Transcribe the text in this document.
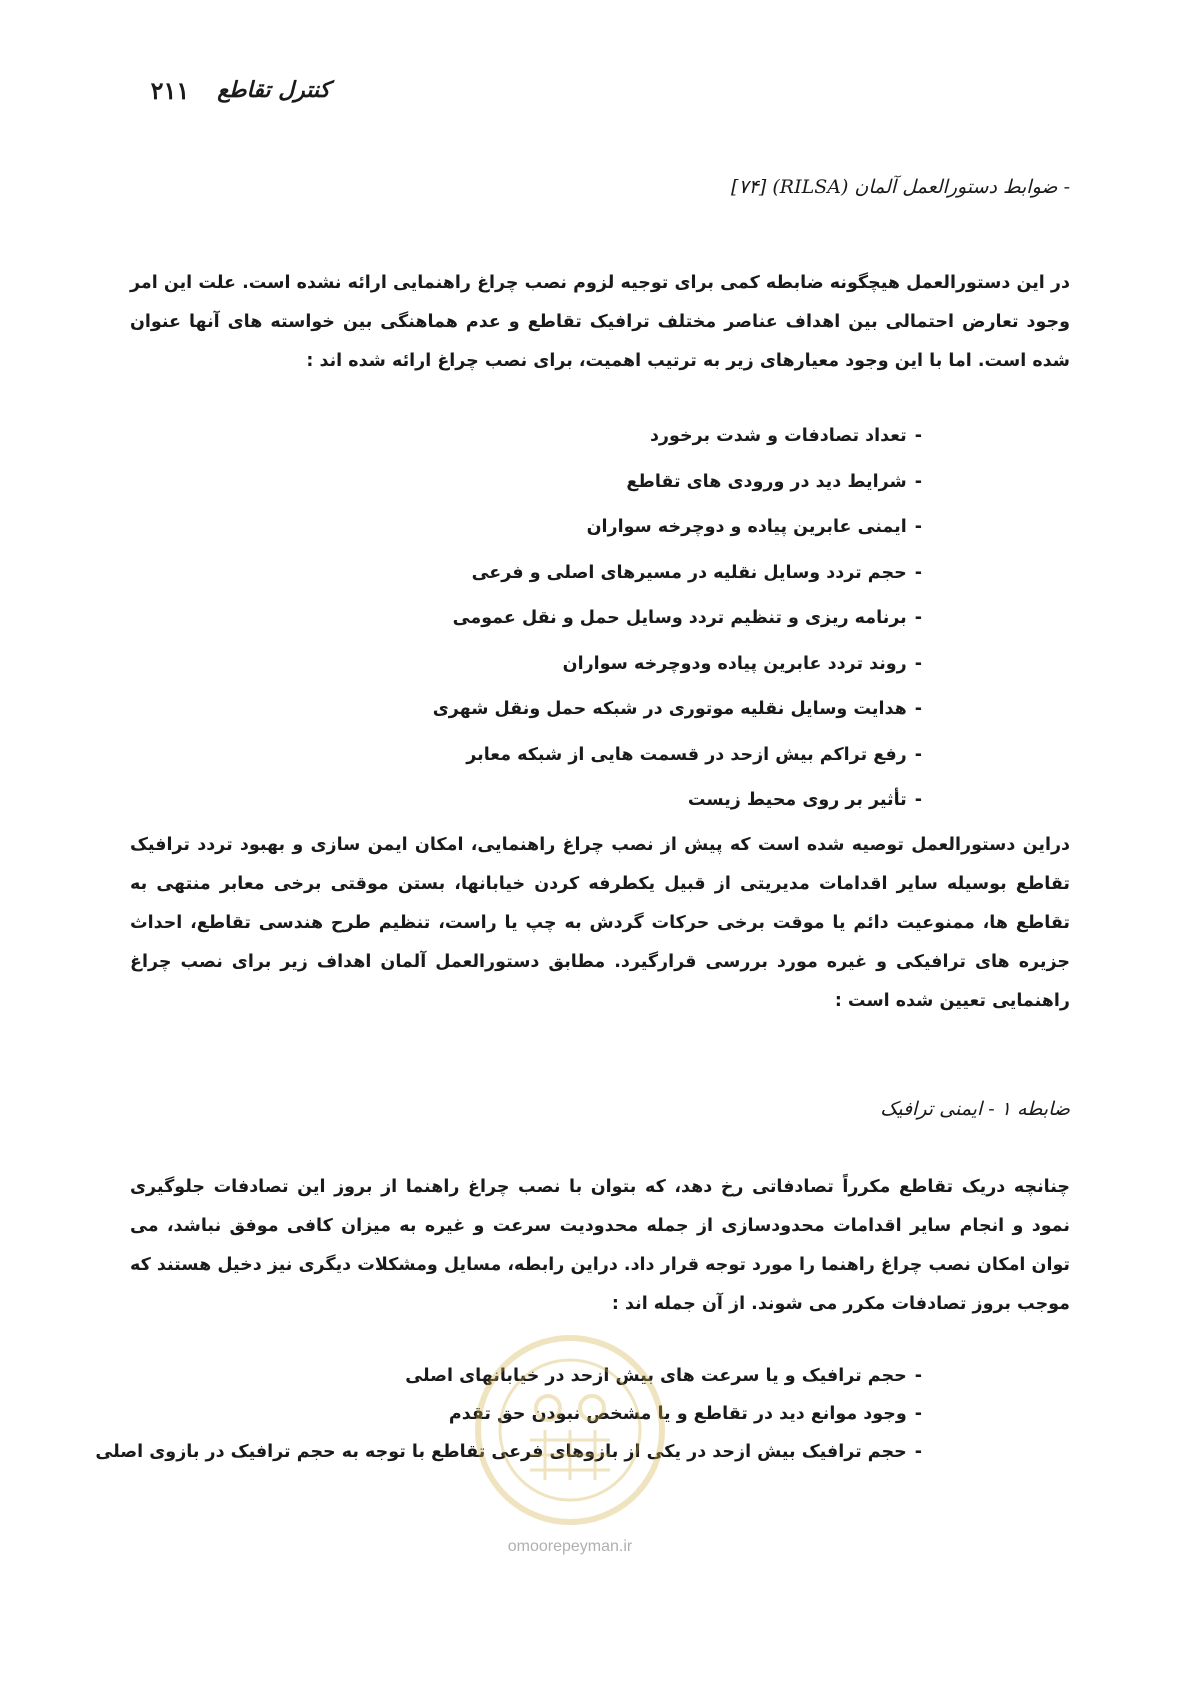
کنترل تقاطع
۲۱۱
- ضوابط دستورالعمل آلمان (RILSA) [۷۴]

در این دستورالعمل هیچگونه ضابطه کمی برای توجیه لزوم نصب چراغ راهنمایی ارائه نشده است. علت این امر وجود تعارض احتمالی بین اهداف عناصر مختلف ترافیک تقاطع و عدم هماهنگی بین خواسته های آنها عنوان شده است. اما با این وجود معیارهای زیر به ترتیب اهمیت، برای نصب چراغ ارائه شده اند :

-تعداد تصادفات و شدت برخورد
-شرایط دید در ورودی های تقاطع
-ایمنی عابرین پیاده و دوچرخه سواران
-حجم تردد وسایل نقلیه در مسیرهای اصلی و فرعی
-برنامه ریزی و تنظیم تردد وسایل حمل و نقل عمومی
-روند تردد عابرین پیاده ودوچرخه سواران
-هدایت وسایل نقلیه موتوری در شبکه حمل ونقل شهری
-رفع تراکم بیش ازحد در قسمت هایی از شبکه معابر
-تأثیر بر روی محیط زیست

دراین دستورالعمل توصیه شده است که پیش از نصب چراغ راهنمایی، امکان ایمن سازی و بهبود تردد ترافیک تقاطع بوسیله سایر اقدامات مدیریتی از قبیل یکطرفه کردن خیابانها، بستن موقتی برخی معابر منتهی به تقاطع ها، ممنوعیت دائم یا موقت برخی حرکات گردش به چپ یا راست، تنظیم طرح هندسی تقاطع، احداث جزیره های ترافیکی و غیره مورد بررسی قرارگیرد. مطابق دستورالعمل آلمان اهداف زیر برای نصب چراغ راهنمایی تعیین شده است :

ضابطه ۱ - ایمنی ترافیک

چنانچه دریک تقاطع مکرراً تصادفاتی رخ دهد، که بتوان با نصب چراغ راهنما از بروز این تصادفات جلوگیری نمود و انجام سایر اقدامات محدودسازی از جمله محدودیت سرعت و غیره به میزان کافی موفق نباشد، می توان امکان نصب چراغ راهنما را مورد توجه قرار داد. دراین رابطه، مسایل ومشکلات دیگری نیز دخیل هستند که موجب بروز تصادفات مکرر می شوند. از آن جمله اند :

-حجم ترافیک و یا سرعت های بیش ازحد در خیابانهای اصلی
-وجود موانع دید در تقاطع و یا مشخص نبودن حق تقدم
-حجم ترافیک بیش ازحد در یکی از بازوهای فرعی تقاطع با توجه به حجم ترافیک در بازوی اصلی
omoorepeyman.ir
